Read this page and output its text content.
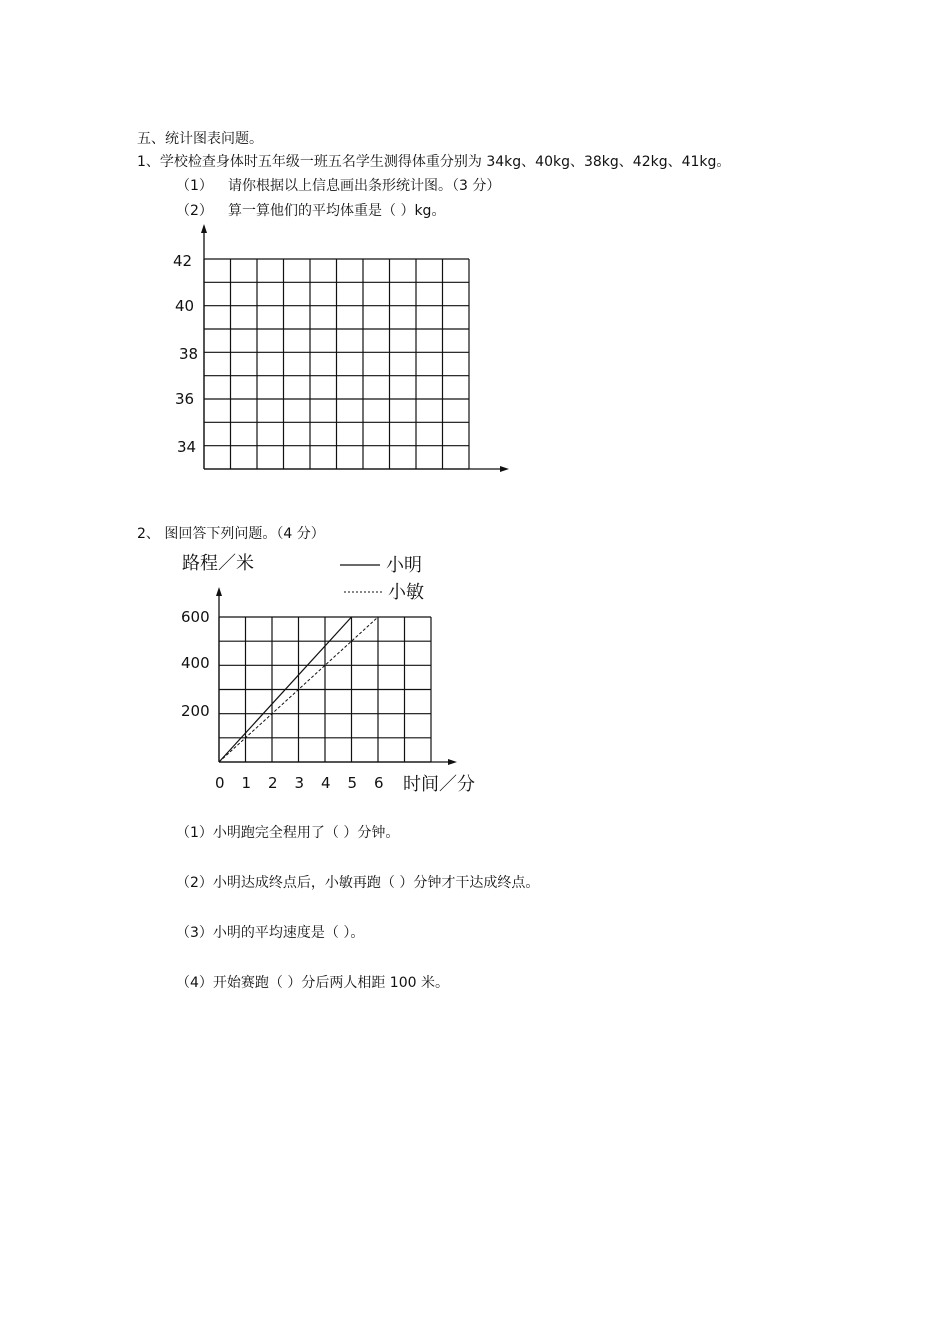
五、统计图表问题。
1、学校检查身体时五年级一班五名学生测得体重分别为 34kg、40kg、38kg、42kg、41kg。
（1） 请你根据以上信息画出条形统计图。（3 分）
（2） 算一算他们的平均体重是（ ）kg。
42
40
38
36
34
路程／米	小明
小敏
600
400
200
0 1 2 3 4 5 6 时间／分
2、 图回答下列问题。（4 分）
（1）小明跑完全程用了（ ）分钟。
（2）小明达成终点后，小敏再跑（ ）分钟才干达成终点。
（3）小明的平均速度是（ ）。
（4）开始赛跑（ ）分后两人相距 100 米。
